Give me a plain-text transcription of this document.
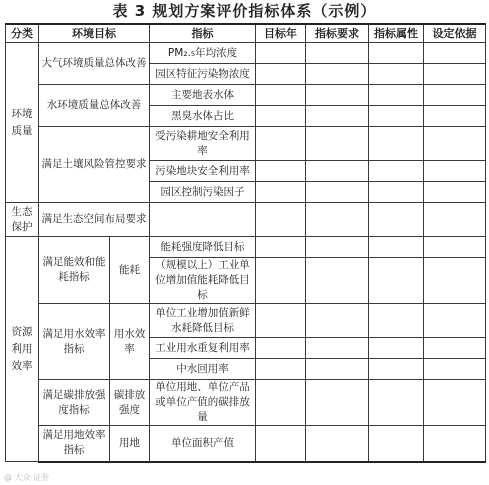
表 3 规划方案评价指标体系（示例）
分类	环境目标		指标	目标年	指标要求	指标属性	设定依据
环境质量	大气环境质量总体改善		PM₂.₅年均浓度				
			园区特征污染物浓度				
	水环境质量总体改善		主要地表水体				
			黑臭水体占比				
	满足土壤风险管控要求		受污染耕地安全利用率				
			污染地块安全利用率				
			园区控制污染因子				
生态保护	满足生态空间布局要求						
资源利用效率	满足能效和能耗指标	能耗	能耗强度降低目标				
			（规模以上）工业单位增加值能耗降低目标				
	满足用水效率指标	用水效率	单位工业增加值新鲜水耗降低目标				
			工业用水重复利用率				
			中水回用率				
	满足碳排放强度指标	碳排放强度	单位用地、单位产品或单位产值的碳排放量				
	满足用地效率指标	用地	单位面积产值				
@ 大众·证券
